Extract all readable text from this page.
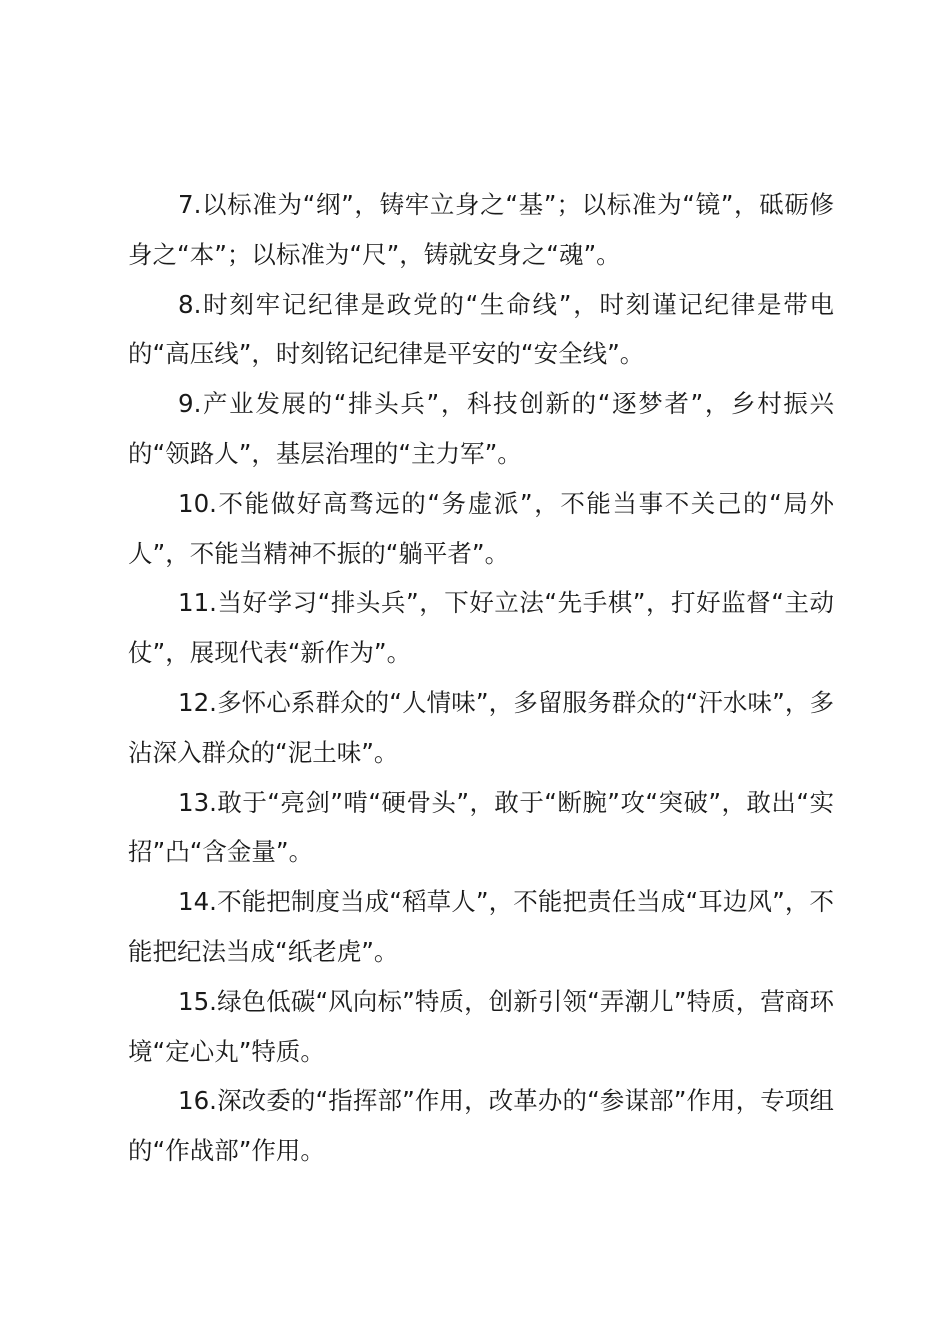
7.以标准为“纲”，铸牢立身之“基”；以标准为“镜”，砥砺修身之“本”；以标准为“尺”，铸就安身之“魂”。

8.时刻牢记纪律是政党的“生命线”，时刻谨记纪律是带电的“高压线”，时刻铭记纪律是平安的“安全线”。

9.产业发展的“排头兵”，科技创新的“逐梦者”，乡村振兴的“领路人”，基层治理的“主力军”。

10.不能做好高骛远的“务虚派”，不能当事不关己的“局外人”，不能当精神不振的“躺平者”。

11.当好学习“排头兵”，下好立法“先手棋”，打好监督“主动仗”，展现代表“新作为”。

12.多怀心系群众的“人情味”，多留服务群众的“汗水味”，多沾深入群众的“泥土味”。

13.敢于“亮剑”啃“硬骨头”，敢于“断腕”攻“突破”，敢出“实招”凸“含金量”。

14.不能把制度当成“稻草人”，不能把责任当成“耳边风”，不能把纪法当成“纸老虎”。

15.绿色低碳“风向标”特质，创新引领“弄潮儿”特质，营商环境“定心丸”特质。

16.深改委的“指挥部”作用，改革办的“参谋部”作用，专项组的“作战部”作用。
